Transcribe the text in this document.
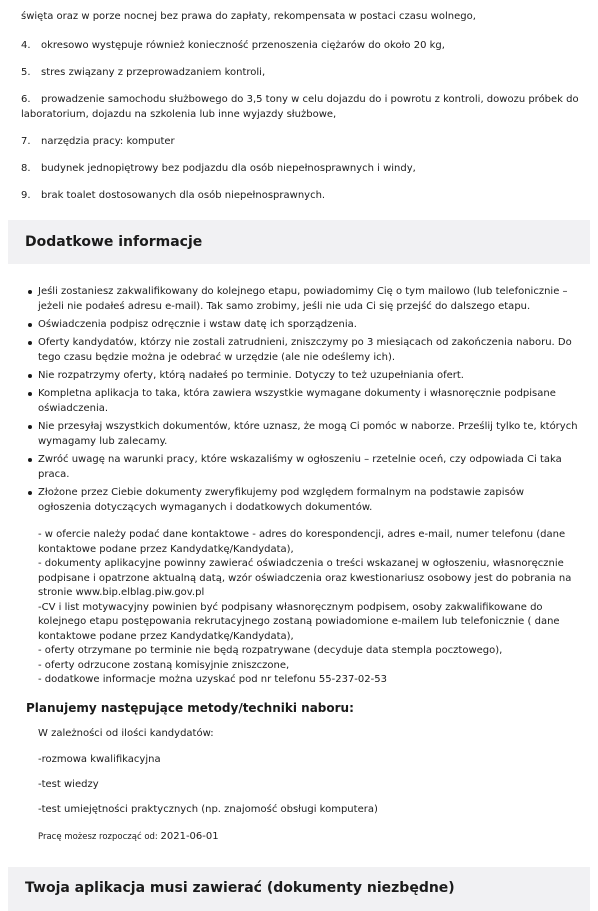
święta oraz w porze nocnej bez prawa do zapłaty, rekompensata w postaci czasu wolnego,
4. okresowo występuje również konieczność przenoszenia ciężarów do około 20 kg,
5. stres związany z przeprowadzaniem kontroli,
6. prowadzenie samochodu służbowego do 3,5 tony w celu dojazdu do i powrotu z kontroli, dowozu próbek do laboratorium, dojazdu na szkolenia lub inne wyjazdy służbowe,
7. narzędzia pracy: komputer
8. budynek jednopiętrowy bez podjazdu dla osób niepełnosprawnych i windy,
9. brak toalet dostosowanych dla osób niepełnosprawnych.
Dodatkowe informacje
Jeśli zostaniesz zakwalifikowany do kolejnego etapu, powiadomimy Cię o tym mailowo (lub telefonicznie – jeżeli nie podałeś adresu e-mail). Tak samo zrobimy, jeśli nie uda Ci się przejść do dalszego etapu.
Oświadczenia podpisz odręcznie i wstaw datę ich sporządzenia.
Oferty kandydatów, którzy nie zostali zatrudnieni, zniszczymy po 3 miesiącach od zakończenia naboru. Do tego czasu będzie można je odebrać w urzędzie (ale nie odeślemy ich).
Nie rozpatrzymy oferty, którą nadałeś po terminie. Dotyczy to też uzupełniania ofert.
Kompletna aplikacja to taka, która zawiera wszystkie wymagane dokumenty i własnoręcznie podpisane oświadczenia.
Nie przesyłaj wszystkich dokumentów, które uznasz, że mogą Ci pomóc w naborze. Prześlij tylko te, których wymagamy lub zalecamy.
Zwróć uwagę na warunki pracy, które wskazaliśmy w ogłoszeniu – rzetelnie oceń, czy odpowiada Ci taka praca.
Złożone przez Ciebie dokumenty zweryfikujemy pod względem formalnym na podstawie zapisów ogłoszenia dotyczących wymaganych i dodatkowych dokumentów.
- w ofercie należy podać dane kontaktowe - adres do korespondencji, adres e-mail, numer telefonu (dane kontaktowe podane przez Kandydatkę/Kandydata),
- dokumenty aplikacyjne powinny zawierać oświadczenia o treści wskazanej w ogłoszeniu, własnoręcznie podpisane i opatrzone aktualną datą, wzór oświadczenia oraz kwestionariusz osobowy jest do pobrania na stronie www.bip.elblag.piw.gov.pl
-CV i list motywacyjny powinien być podpisany własnoręcznym podpisem, osoby zakwalifikowane do kolejnego etapu postępowania rekrutacyjnego zostaną powiadomione e-mailem lub telefonicznie ( dane kontaktowe podane przez Kandydatkę/Kandydata),
- oferty otrzymane po terminie nie będą rozpatrywane (decyduje data stempla pocztowego),
- oferty odrzucone zostaną komisyjnie zniszczone,
- dodatkowe informacje można uzyskać pod nr telefonu 55-237-02-53
Planujemy następujące metody/techniki naboru:
W zależności od ilości kandydatów:
-rozmowa kwalifikacyjna
-test wiedzy
-test umiejętności praktycznych (np. znajomość obsługi komputera)
Pracę możesz rozpocząć od: 2021-06-01
Twoja aplikacja musi zawierać (dokumenty niezbędne)
